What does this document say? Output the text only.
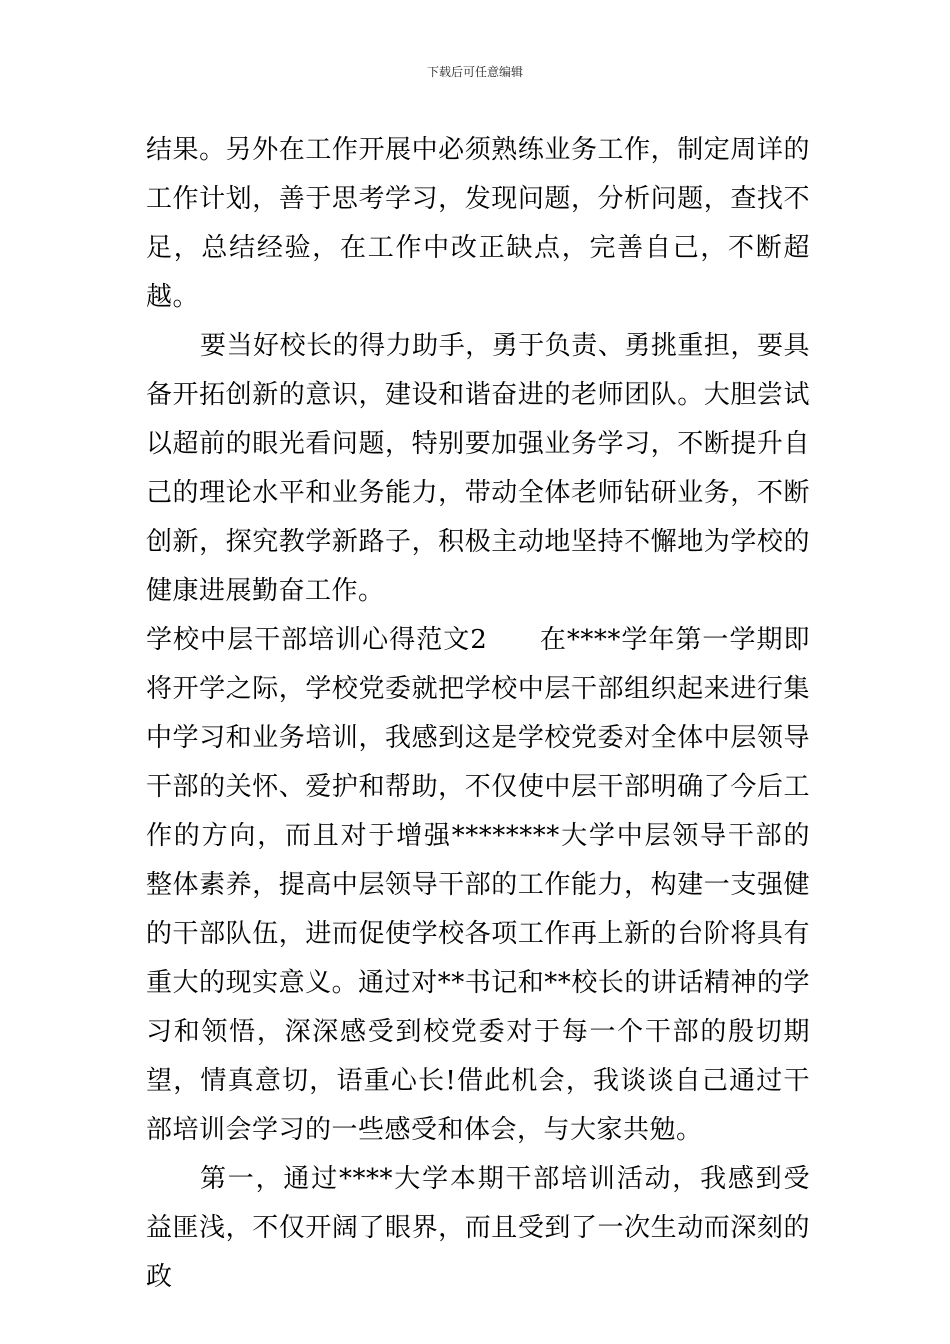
下载后可任意编辑

结果。另外在工作开展中必须熟练业务工作，制定周详的工作计划，善于思考学习，发现问题，分析问题，查找不足，总结经验，在工作中改正缺点，完善自己，不断超越。

要当好校长的得力助手，勇于负责、勇挑重担，要具备开拓创新的意识，建设和谐奋进的老师团队。大胆尝试以超前的眼光看问题，特别要加强业务学习，不断提升自己的理论水平和业务能力，带动全体老师钻研业务，不断创新，探究教学新路子，积极主动地坚持不懈地为学校的健康进展勤奋工作。

学校中层干部培训心得范文2 在****学年第一学期即将开学之际，学校党委就把学校中层干部组织起来进行集中学习和业务培训，我感到这是学校党委对全体中层领导干部的关怀、爱护和帮助，不仅使中层干部明确了今后工作的方向，而且对于增强********大学中层领导干部的整体素养，提高中层领导干部的工作能力，构建一支强健的干部队伍，进而促使学校各项工作再上新的台阶将具有重大的现实意义。通过对**书记和**校长的讲话精神的学习和领悟，深深感受到校党委对于每一个干部的殷切期望，情真意切，语重心长!借此机会，我谈谈自己通过干部培训会学习的一些感受和体会，与大家共勉。

第一，通过****大学本期干部培训活动，我感到受益匪浅，不仅开阔了眼界，而且受到了一次生动而深刻的政
